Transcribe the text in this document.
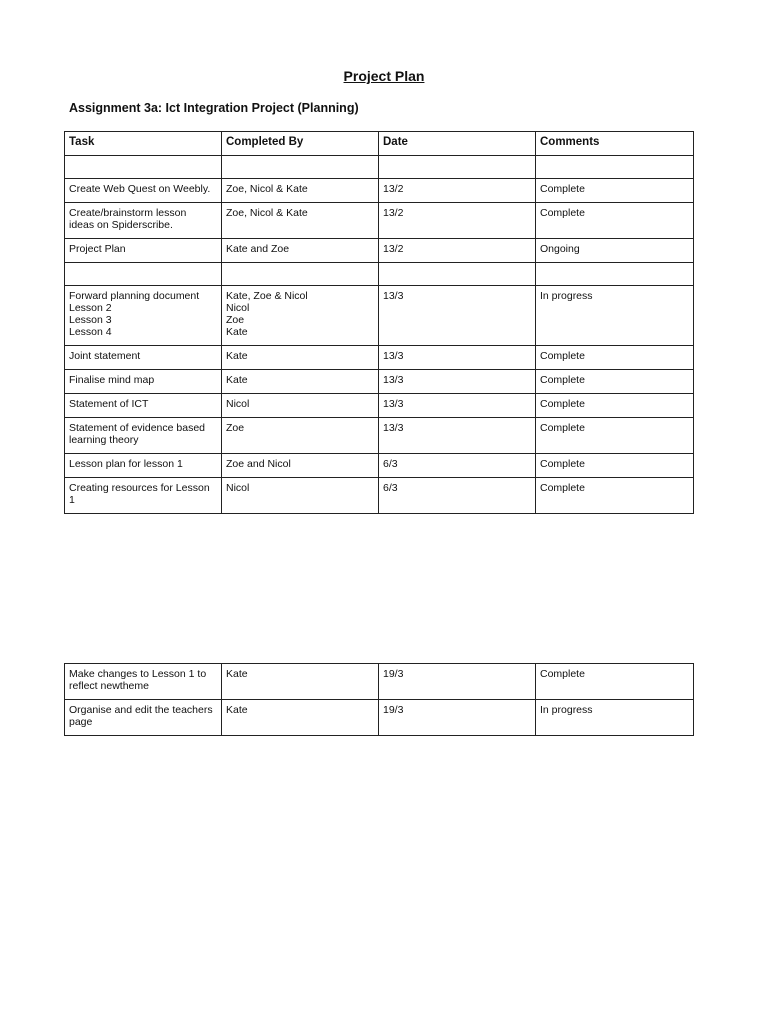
Project Plan
Assignment 3a: Ict Integration Project (Planning)
Task	Completed By	Date	Comments

Create Web Quest on Weebly.	Zoe, Nicol & Kate	13/2	Complete
Create/brainstorm lesson
ideas on Spiderscribe.	Zoe, Nicol & Kate	13/2	Complete
Project Plan	Kate and Zoe	13/2	Ongoing

Forward planning document
Lesson 2
Lesson 3
Lesson 4	Kate, Zoe & Nicol
Nicol
Zoe
Kate	13/3	In progress
Joint statement	Kate	13/3	Complete
Finalise mind map	Kate	13/3	Complete
Statement of ICT	Nicol	13/3	Complete
Statement of evidence based
learning theory	Zoe	13/3	Complete
Lesson plan for lesson 1	Zoe and Nicol	6/3	Complete
Creating resources for Lesson
1	Nicol	6/3	Complete
Make changes to Lesson 1 to
reflect newtheme	Kate	19/3	Complete
Organise and edit the teachers
page	Kate	19/3	In progress
